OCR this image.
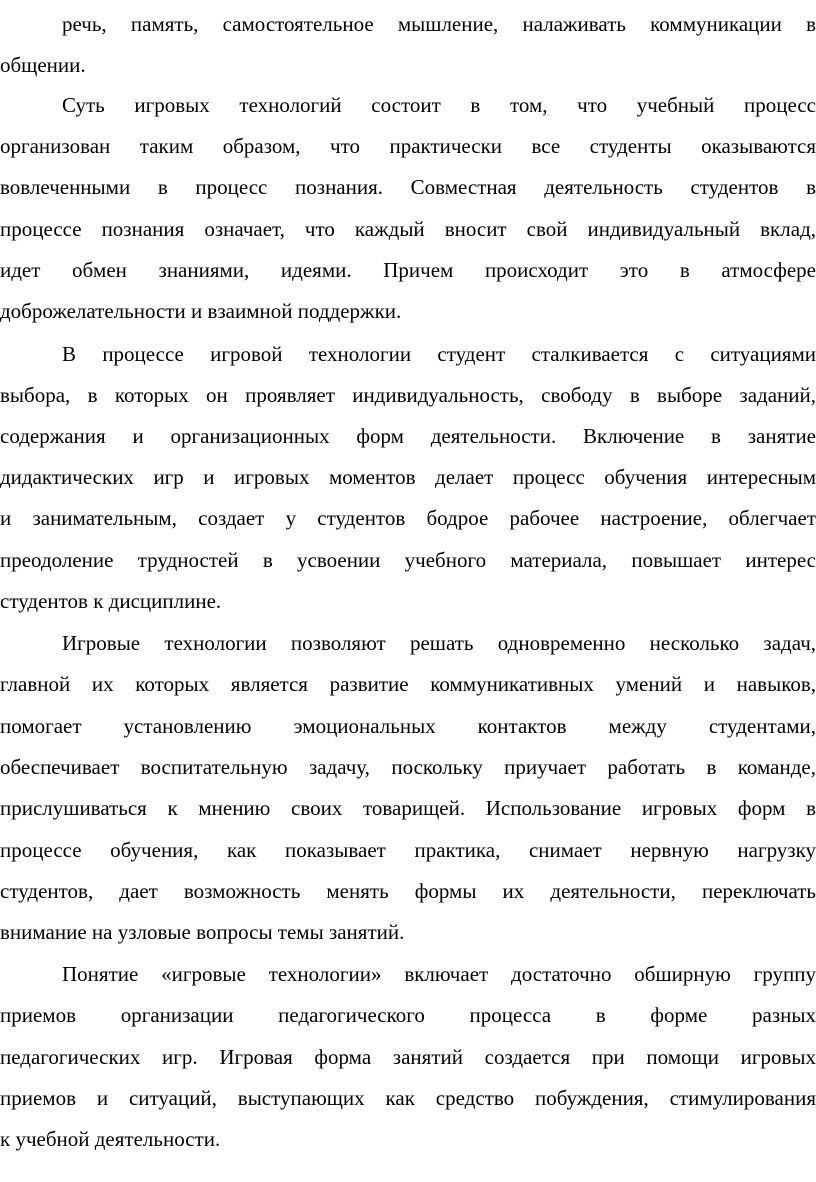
речь, память, самостоятельное мышление, налаживать коммуникации в
общении.
Суть игровых технологий состоит в том, что учебный процесс
организован таким образом, что практически все студенты оказываются
вовлеченными в процесс познания. Совместная деятельность студентов в
процессе познания означает, что каждый вносит свой индивидуальный вклад,
идет обмен знаниями, идеями. Причем происходит это в атмосфере
доброжелательности и взаимной поддержки.
В процессе игровой технологии студент сталкивается с ситуациями
выбора, в которых он проявляет индивидуальность, свободу в выборе заданий,
содержания и организационных форм деятельности. Включение в занятие
дидактических игр и игровых моментов делает процесс обучения интересным
и занимательным, создает у студентов бодрое рабочее настроение, облегчает
преодоление трудностей в усвоении учебного материала, повышает интерес
студентов к дисциплине.
Игровые технологии позволяют решать одновременно несколько задач,
главной их которых является развитие коммуникативных умений и навыков,
помогает установлению эмоциональных контактов между студентами,
обеспечивает воспитательную задачу, поскольку приучает работать в команде,
прислушиваться к мнению своих товарищей. Использование игровых форм в
процессе обучения, как показывает практика, снимает нервную нагрузку
студентов, дает возможность менять формы их деятельности, переключать
внимание на узловые вопросы темы занятий.
Понятие «игровые технологии» включает достаточно обширную группу
приемов организации педагогического процесса в форме разных
педагогических игр. Игровая форма занятий создается при помощи игровых
приемов и ситуаций, выступающих как средство побуждения, стимулирования
к учебной деятельности.
